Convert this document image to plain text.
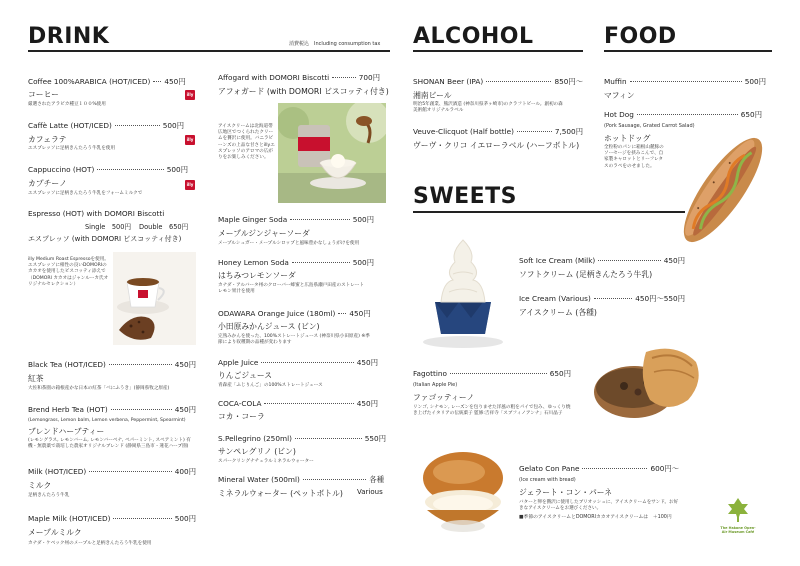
DRINK	消費税込　Including consumption tax ALCOHOL	FOOD
SWEETS
Coffee 100%ARABICA (HOT/ICED) 450円
コーヒー
厳選されたアラビカ種豆１００%使用
illy
Caffè Latte (HOT/ICED)	500円
カフェラテ
エスプレッソに足柄きんたろう牛乳を使用
illy
Cappuccino (HOT)	500円
カプチーノ
エスプレッソに足柄きんたろう牛乳をフォームミルクで
illy
Espresso (HOT) with DOMORI Biscotti
Single　500円 Double　650円
エスプレッソ (with DOMORI ビスコッティ付き)
illy Medium Roast Espressoを使用。エスプレッソに相性の良いDOMORIのカカオを使用したビスコッティ添えで（DOMORI カカオはジャンルーカ氏オリジナルセレクション）
Black Tea (HOT/ICED)	450円
紅茶
大佐和茶園の箱根産かな日本の紅茶「べにふうき」(静岡県牧之原産)
Brend Herb Tea (HOT)	450円
(Lemongrass, Lemon balm, Lemon verbena, Peppermint, Spearmint)
ブレンドハーブティー
(レモングラス, レモンバーム, レモンバーベナ, ペパーミント, スペアミント) 有機・無農薬で栽培した農家オリジナルブレンド (静岡県三島市・蓮花ハーブ園)
Milk (HOT/ICED)	400円
ミルク
足柄きんたろう牛乳
Maple Milk (HOT/ICED)	500円
メープルミルク
カナダ・ケベック州のメープルと足柄きんたろう牛乳を使用
Affogard with DOMORI Biscotti	700円
アフォガード (with DOMORI ビスコッティ付き)
アイスクリームは北海道帯広地区でつくられたクリームを贅沢に使用。バニラビーンズの上品な甘さとillyエスプレッソのアロマの広がりをお楽しみください。
Maple Ginger Soda	500円
メープルジンジャーソーダ
メープルシュガー・メープルシロップと風味豊かなしょうがけを使用
Honey Lemon Soda	500円
はちみつレモンソーダ
カナダ・アルバータ州のクローバー蜂蜜と広島県瀬戸田産のストレートレモン果汁を使用
ODAWARA Orange Juice (180ml) 450円
小田原みかんジュース (ビン)
完熟みかんを使った、100%ストレートジュース (神奈川県小田原産) ※季節により収穫期の品種が変わります
Apple Juice	450円
りんごジュース
青森産「ふじりんご」の100%ストレートジュース
COCA-COLA	450円
コカ・コーラ
S.Pellegrino (250ml)	550円
サンペレグリノ (ビン)
スパークリングナチュラルミネラルウォーター
Mineral Water (500ml)	各種
ミネラルウォーター (ペットボトル) Various
SHONAN Beer (IPA)	850円〜
湘南ビール
明治5年創業、熊沢酒造 (神奈川県茅ヶ崎市)のクラフトビール。創初の森美術館オリジナルラベル
Veuve-Clicquot (Half bottle)	7,500円
ヴーヴ・クリコ イエローラベル (ハーフボトル)
Muffin	500円
マフィン
Hot Dog	650円
(Pork Sausage, Grated Carrot Salad)
ホットドッグ
全粒粉のパンに箱根山麓豚のソーセージを挟みこんで、自家製キャロットとリーフレタスのラペをのせました。
Soft Ice Cream (Milk)	450円
ソフトクリーム (足柄きんたろう牛乳)
Ice Cream (Various)	450円〜550円
アイスクリーム (各種)
Fagottino	650円
(Italian Apple Pie)
ファゴッティーノ
リンゴ, シナモン, レーズンを包りませた洋風の粗をパイで包み、ゆっくり焼き上げたイタリアの伝統菓子 監修:吉祥寺「スブフィノアンナ」石川晶子
Gelato Con Pane	600円〜
(Ice cream with bread)
ジェラート・コン・パーネ
バターと卵を贅沢に使用したブリオッシュに、アイスクリームをサンド。お好きなアイスクリームをお選びください。
■季節のアイスクリームとDOMORIカカオアイスクリームは　＋100円
The Hakone Open-Air Museum Café
